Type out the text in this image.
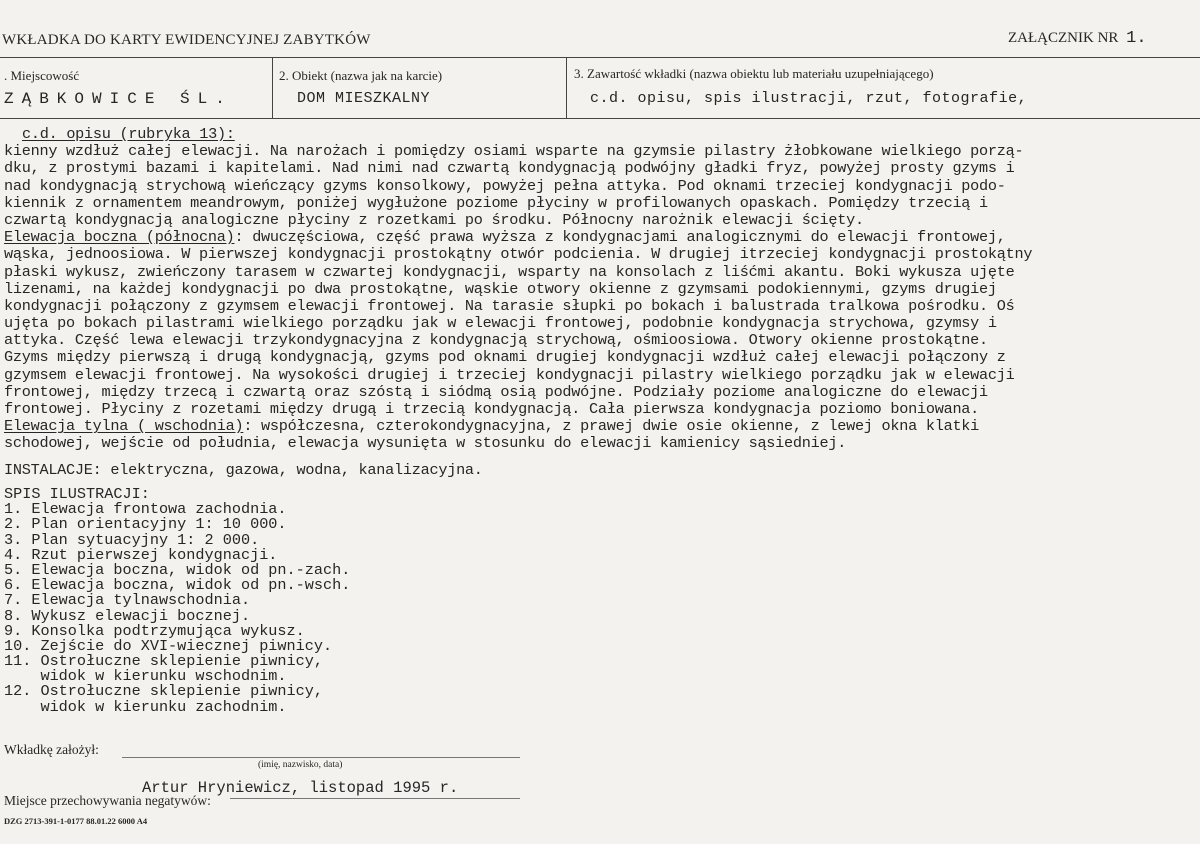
WKŁADKA DO KARTY EWIDENCYJNEJ ZABYTKÓW	ZAŁĄCZNIK NR 1.
. Miejscowość
ZĄBKOWICE ŚL.
2. Obiekt (nazwa jak na karcie)
DOM MIESZKALNY
3. Zawartość wkładki (nazwa obiektu lub materiału uzupełniającego)
c.d. opisu, spis ilustracji, rzut, fotografie,
c.d. opisu (rubryka 13):
kienny wzdłuż całej elewacji. Na narożach i pomiędzy osiami wsparte na gzymsie pilastry żłobkowane wielkiego porzą-
dku, z prostymi bazami i kapitelami. Nad nimi nad czwartą kondygnacją podwójny gładki fryz, powyżej prosty gzyms i
nad kondygnacją strychową wieńczący gzyms konsolkowy, powyżej pełna attyka. Pod oknami trzeciej kondygnacji podo-
kiennik z ornamentem meandrowym, poniżej wygłużone poziome płyciny w profilowanych opaskach. Pomiędzy trzecią i
czwartą kondygnacją analogiczne płyciny z rozetkami po środku. Północny narożnik elewacji ścięty.
Elewacja boczna (północna): dwuczęściowa, część prawa wyższa z kondygnacjami analogicznymi do elewacji frontowej,
wąska, jednoosiowa. W pierwszej kondygnacji prostokątny otwór podcienia. W drugiej itrzeciej kondygnacji prostokątny
płaski wykusz, zwieńczony tarasem w czwartej kondygnacji, wsparty na konsolach z liśćmi akantu. Boki wykusza ujęte
lizenami, na każdej kondygnacji po dwa prostokątne, wąskie otwory okienne z gzymsami podokiennymi, gzyms drugiej
kondygnacji połączony z gzymsem elewacji frontowej. Na tarasie słupki po bokach i balustrada tralkowa pośrodku. Oś
ujęta po bokach pilastrami wielkiego porządku jak w elewacji frontowej, podobnie kondygnacja strychowa, gzymsy i
attyka. Część lewa elewacji trzykondygnacyjna z kondygnacją strychową, ośmioosiowa. Otwory okienne prostokątne.
Gzyms między pierwszą i drugą kondygnacją, gzyms pod oknami drugiej kondygnacji wzdłuż całej elewacji połączony z
gzymsem elewacji frontowej. Na wysokości drugiej i trzeciej kondygnacji pilastry wielkiego porządku jak w elewacji
frontowej, między trzecą i czwartą oraz szóstą i siódmą osią podwójne. Podziały poziome analogiczne do elewacji
frontowej. Płyciny z rozetami między drugą i trzecią kondygnacją. Cała pierwsza kondygnacja poziomo boniowana.
Elewacja tylna ( wschodnia): współczesna, czterokondygnacyjna, z prawej dwie osie okienne, z lewej okna klatki
schodowej, wejście od południa, elewacja wysunięta w stosunku do elewacji kamienicy sąsiedniej.
INSTALACJE: elektryczna, gazowa, wodna, kanalizacyjna.
SPIS ILUSTRACJI:
1. Elewacja frontowa zachodnia.
2. Plan orientacyjny 1: 10 000.
3. Plan sytuacyjny 1: 2 000.
4. Rzut pierwszej kondygnacji.
5. Elewacja boczna, widok od pn.-zach.
6. Elewacja boczna, widok od pn.-wsch.
7. Elewacja tylnawschodnia.
8. Wykusz elewacji bocznej.
9. Konsolka podtrzymująca wykusz.
10. Zejście do XVI-wiecznej piwnicy.
11. Ostrołuczne sklepienie piwnicy,
widok w kierunku wschodnim.
12. Ostrołuczne sklepienie piwnicy,
widok w kierunku zachodnim.
Wkładkę założył:
(imię, nazwisko, data)
Artur Hryniewicz, listopad 1995 r.
Miejsce przechowywania negatywów:
DZG 2713-391-1-0177 88.01.22 6000 A4
